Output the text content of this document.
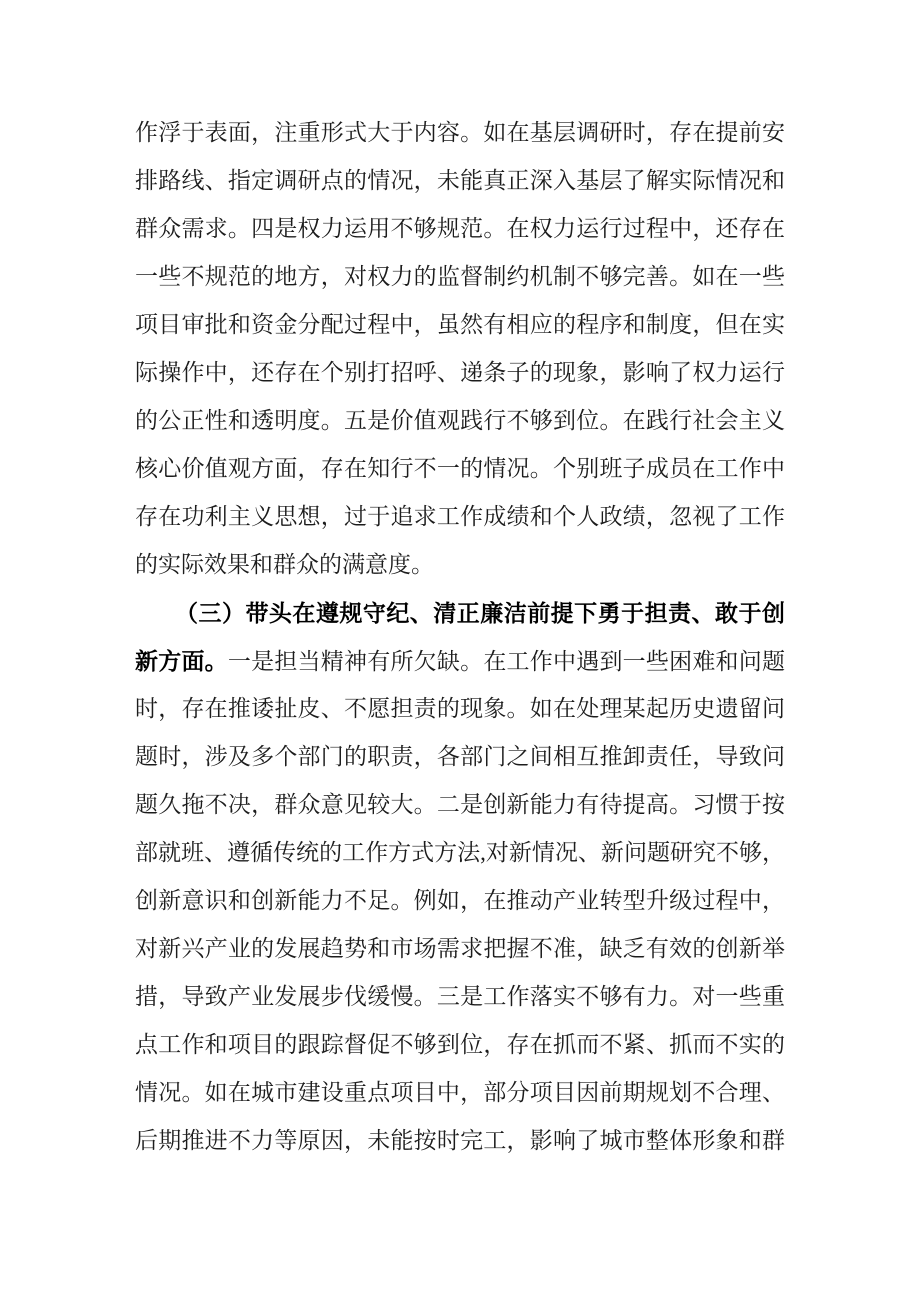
作浮于表面，注重形式大于内容。如在基层调研时，存在提前安
排路线、指定调研点的情况，未能真正深入基层了解实际情况和
群众需求。四是权力运用不够规范。在权力运行过程中，还存在
一些不规范的地方，对权力的监督制约机制不够完善。如在一些
项目审批和资金分配过程中，虽然有相应的程序和制度，但在实
际操作中，还存在个别打招呼、递条子的现象，影响了权力运行
的公正性和透明度。五是价值观践行不够到位。在践行社会主义
核心价值观方面，存在知行不一的情况。个别班子成员在工作中
存在功利主义思想，过于追求工作成绩和个人政绩，忽视了工作
的实际效果和群众的满意度。
（三）带头在遵规守纪、清正廉洁前提下勇于担责、敢于创
新方面。一是担当精神有所欠缺。在工作中遇到一些困难和问题
时，存在推诿扯皮、不愿担责的现象。如在处理某起历史遗留问
题时，涉及多个部门的职责，各部门之间相互推卸责任，导致问
题久拖不决，群众意见较大。二是创新能力有待提高。习惯于按
部就班、遵循传统的工作方式方法,对新情况、新问题研究不够，
创新意识和创新能力不足。例如，在推动产业转型升级过程中，
对新兴产业的发展趋势和市场需求把握不准，缺乏有效的创新举
措，导致产业发展步伐缓慢。三是工作落实不够有力。对一些重
点工作和项目的跟踪督促不够到位，存在抓而不紧、抓而不实的
情况。如在城市建设重点项目中，部分项目因前期规划不合理、
后期推进不力等原因，未能按时完工，影响了城市整体形象和群
